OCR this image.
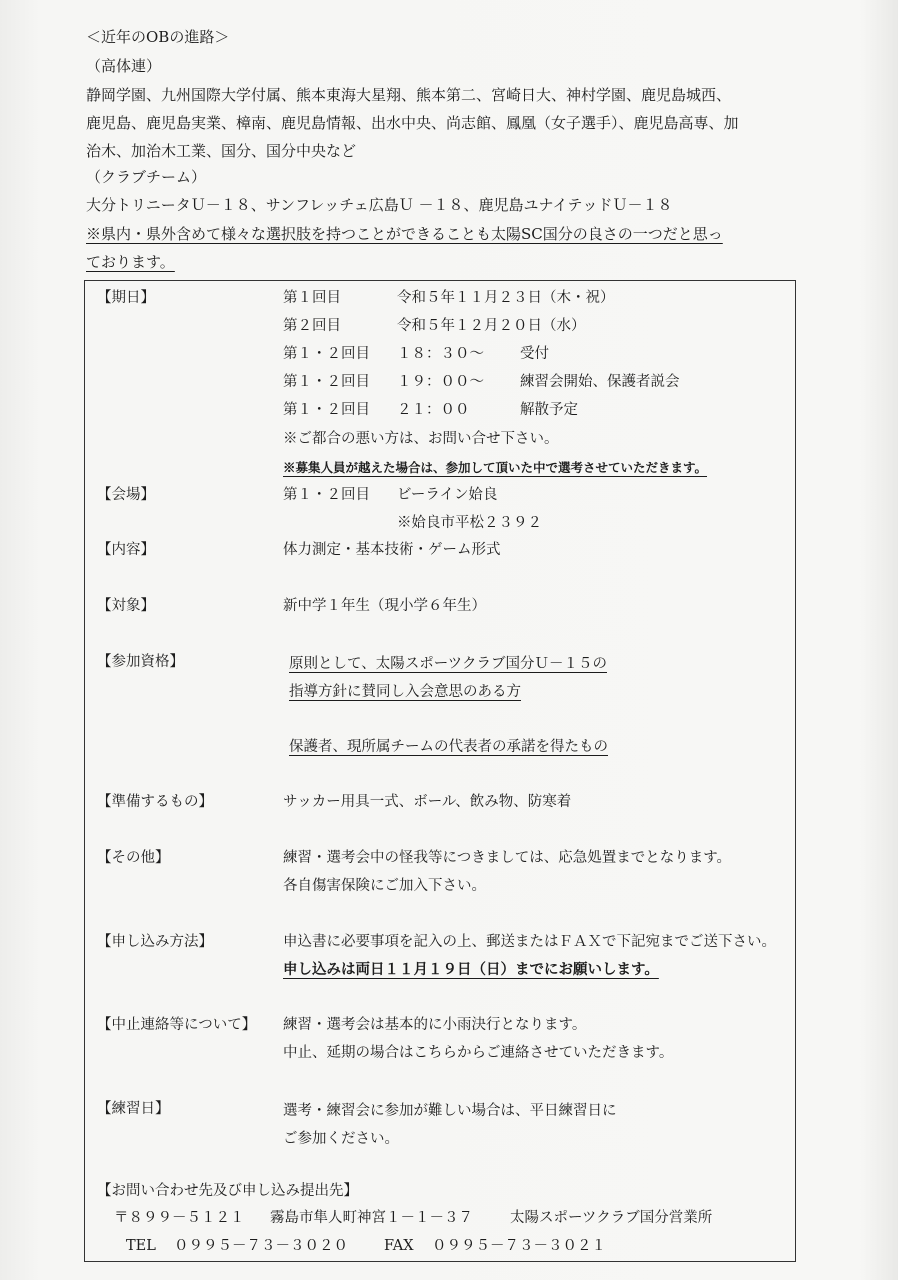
＜近年のOBの進路＞
（高体連）
静岡学園、九州国際大学付属、熊本東海大星翔、熊本第二、宮崎日大、神村学園、鹿児島城西、
鹿児島、鹿児島実業、樟南、鹿児島情報、出水中央、尚志館、鳳凰（女子選手）、鹿児島高専、加
治木、加治木工業、国分、国分中央など
（クラブチーム）
大分トリニータＵ－１８、サンフレッチェ広島Ｕ －１８、鹿児島ユナイテッドＵ－１８
※県内・県外含めて様々な選択肢を持つことができることも太陽SC国分の良さの一つだと思っ
ております。
【期日】	第１回目	令和５年１１月２３日（木・祝）
第２回目	令和５年１２月２０日（水）
第１・２回目 １８：３０～ 受付
第１・２回目 １９：００～ 練習会開始、保護者説会
第１・２回目 ２１：００	解散予定
※ご都合の悪い方は、お問い合せ下さい。
※募集人員が越えた場合は、参加して頂いた中で選考させていただきます。
【会場】	第１・２回目 ビーライン姶良
※姶良市平松２３９２
【内容】	体力測定・基本技術・ゲーム形式
【対象】	新中学１年生（現小学６年生）
【参加資格】	原則として、太陽スポーツクラブ国分Ｕ－１５の
指導方針に賛同し入会意思のある方
保護者、現所属チームの代表者の承諾を得たもの
【準備するもの】	サッカー用具一式、ボール、飲み物、防寒着
【その他】	練習・選考会中の怪我等につきましては、応急処置までとなります。
各自傷害保険にご加入下さい。
【申し込み方法】	申込書に必要事項を記入の上、郵送またはＦＡＸで下記宛までご送下さい。
申し込みは両日１１月１９日（日）までにお願いします。
【中止連絡等について】 練習・選考会は基本的に小雨決行となります。
中止、延期の場合はこちらからご連絡させていただきます。
【練習日】	選考・練習会に参加が難しい場合は、平日練習日に
ご参加ください。
【お問い合わせ先及び申し込み提出先】
〒８９９－５１２１ 霧島市隼人町神宮１－１－３７	太陽スポーツクラブ国分営業所
TEL ０９９５－７３－３０２０ FAX ０９９５－７３－３０２１
